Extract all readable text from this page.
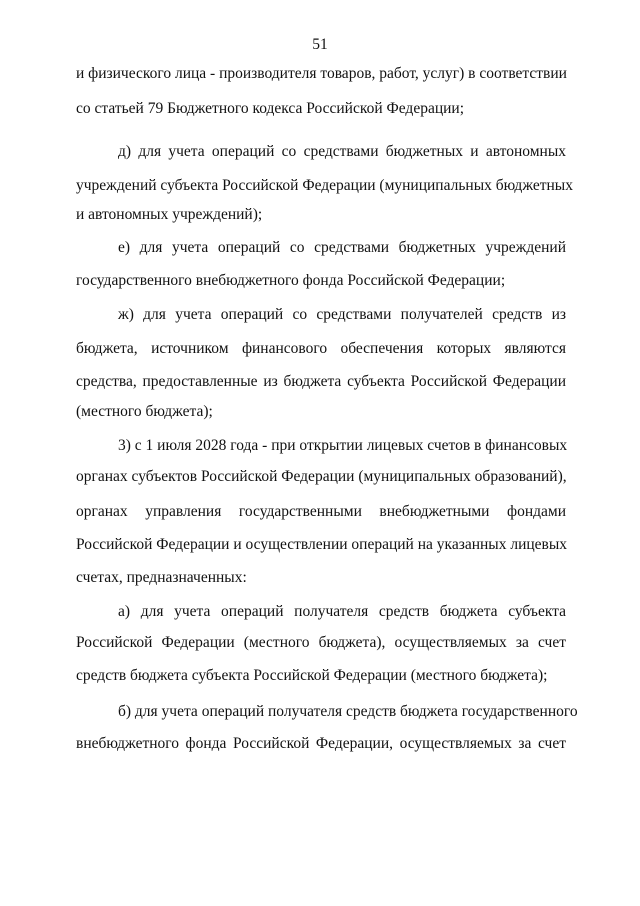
51
и физического лица - производителя товаров, работ, услуг) в соответствии
со статьей 79 Бюджетного кодекса Российской Федерации;
д) для учета операций со средствами бюджетных и автономных
учреждений субъекта Российской Федерации (муниципальных бюджетных
и автономных учреждений);
е) для учета операций со средствами бюджетных учреждений
государственного внебюджетного фонда Российской Федерации;
ж) для учета операций со средствами получателей средств из
бюджета, источником финансового обеспечения которых являются
средства, предоставленные из бюджета субъекта Российской Федерации
(местного бюджета);
3) с 1 июля 2028 года - при открытии лицевых счетов в финансовых
органах субъектов Российской Федерации (муниципальных образований),
органах управления государственными внебюджетными фондами
Российской Федерации и осуществлении операций на указанных лицевых
счетах, предназначенных:
а) для учета операций получателя средств бюджета субъекта
Российской Федерации (местного бюджета), осуществляемых за счет
средств бюджета субъекта Российской Федерации (местного бюджета);
б) для учета операций получателя средств бюджета государственного
внебюджетного фонда Российской Федерации, осуществляемых за счет
